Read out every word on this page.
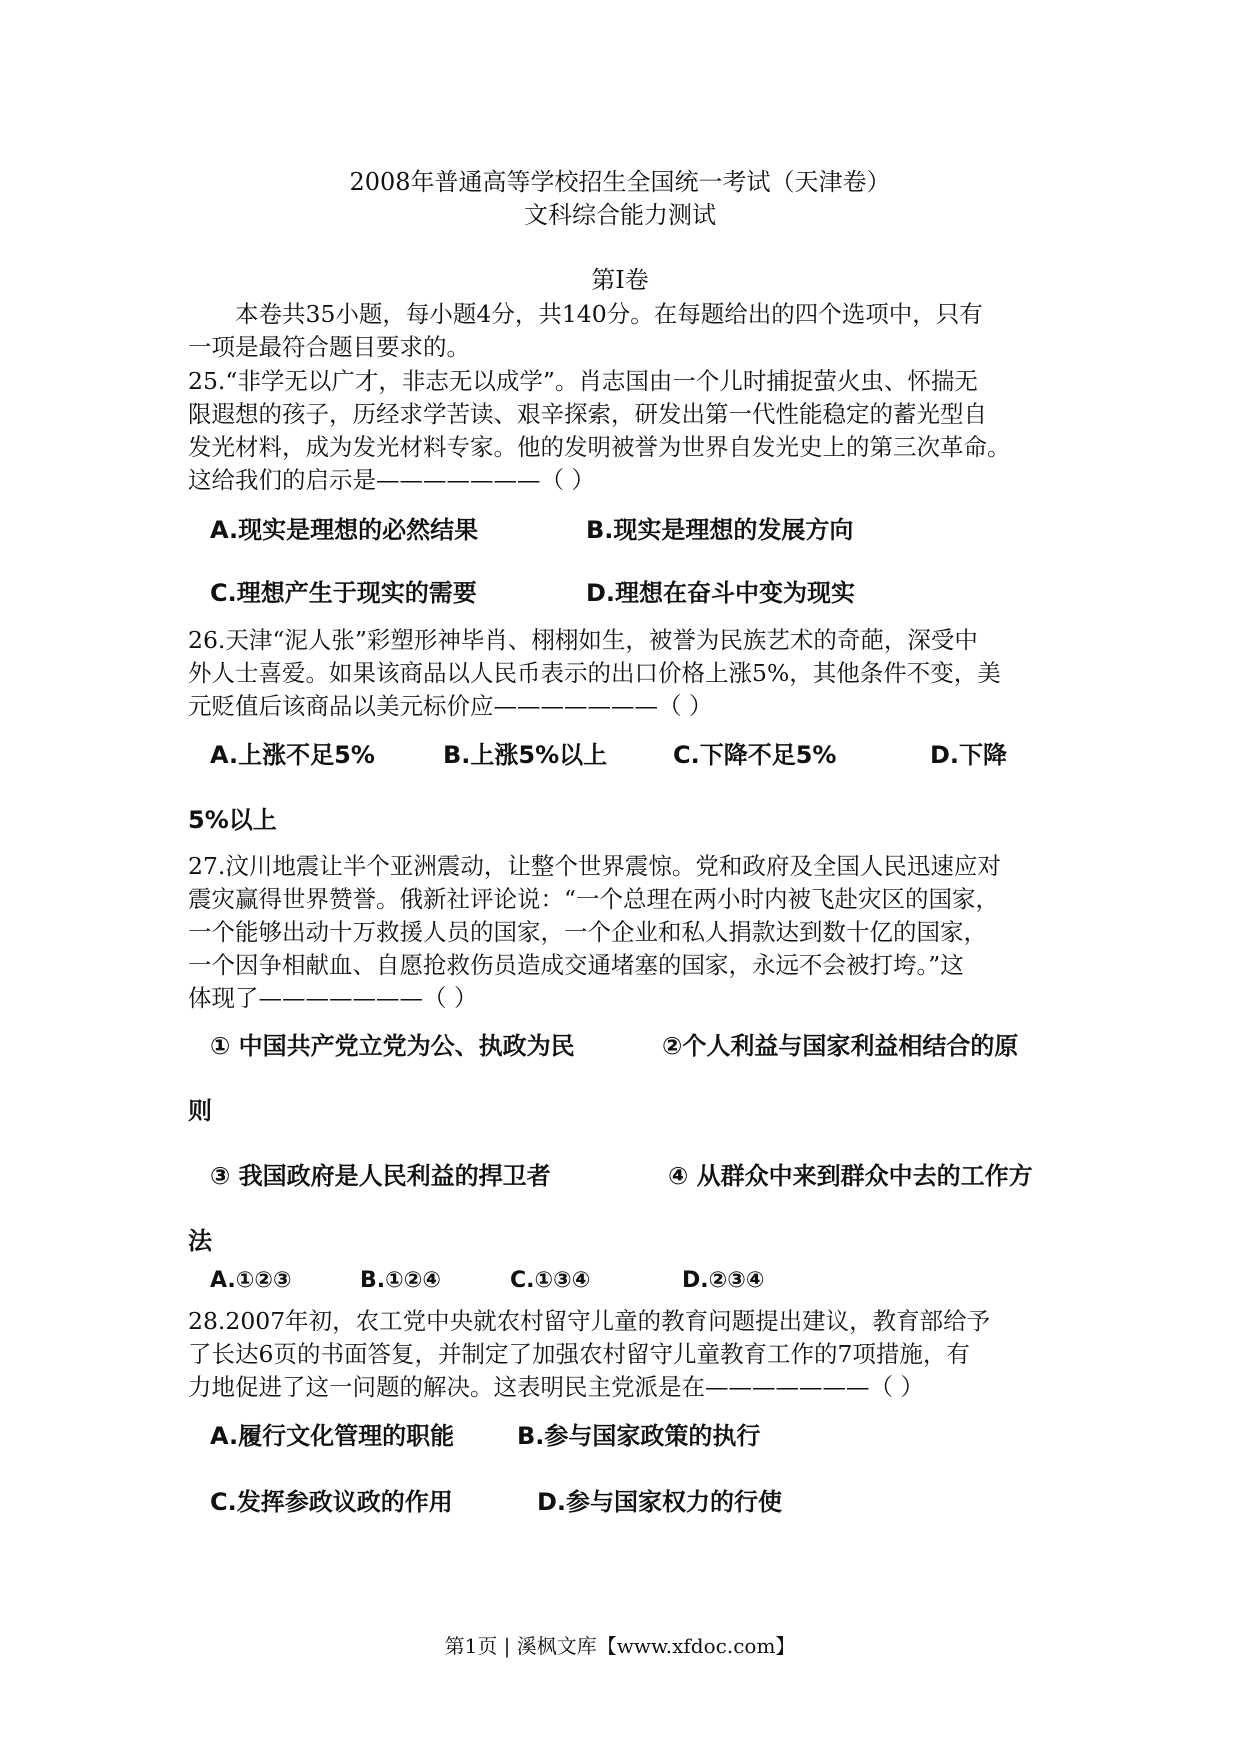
2008年普通高等学校招生全国统一考试（天津卷）
文科综合能力测试
第Ⅰ卷
本卷共35小题，每小题4分，共140分。在每题给出的四个选项中，只有
一项是最符合题目要求的。
25.“非学无以广才，非志无以成学”。肖志国由一个儿时捕捉萤火虫、怀揣无
限遐想的孩子，历经求学苦读、艰辛探索，研发出第一代性能稳定的蓄光型自
发光材料，成为发光材料专家。他的发明被誉为世界自发光史上的第三次革命。
这给我们的启示是———————（ ）
A.现实是理想的必然结果	B.现实是理想的发展方向
C.理想产生于现实的需要	D.理想在奋斗中变为现实
26.天津“泥人张”彩塑形神毕肖、栩栩如生，被誉为民族艺术的奇葩，深受中
外人士喜爱。如果该商品以人民币表示的出口价格上涨5%，其他条件不变，美
元贬值后该商品以美元标价应———————（ ）
A.上涨不足5%	B.上涨5%以上	C.下降不足5%	D.下降
5%以上
27.汶川地震让半个亚洲震动，让整个世界震惊。党和政府及全国人民迅速应对
震灾赢得世界赞誉。俄新社评论说：“一个总理在两小时内被飞赴灾区的国家，
一个能够出动十万救援人员的国家，一个企业和私人捐款达到数十亿的国家，
一个因争相献血、自愿抢救伤员造成交通堵塞的国家，永远不会被打垮。”这
体现了———————（ ）
① 中国共产党立党为公、执政为民	②个人利益与国家利益相结合的原
则
③ 我国政府是人民利益的捍卫者	④ 从群众中来到群众中去的工作方
法
A.①②③	B.①②④	C.①③④	D.②③④
28.2007年初，农工党中央就农村留守儿童的教育问题提出建议，教育部给予
了长达6页的书面答复，并制定了加强农村留守儿童教育工作的7项措施，有
力地促进了这一问题的解决。这表明民主党派是在———————（ ）
A.履行文化管理的职能	B.参与国家政策的执行
C.发挥参政议政的作用	D.参与国家权力的行使
第1页 | 溪枫文库【www.xfdoc.com】
